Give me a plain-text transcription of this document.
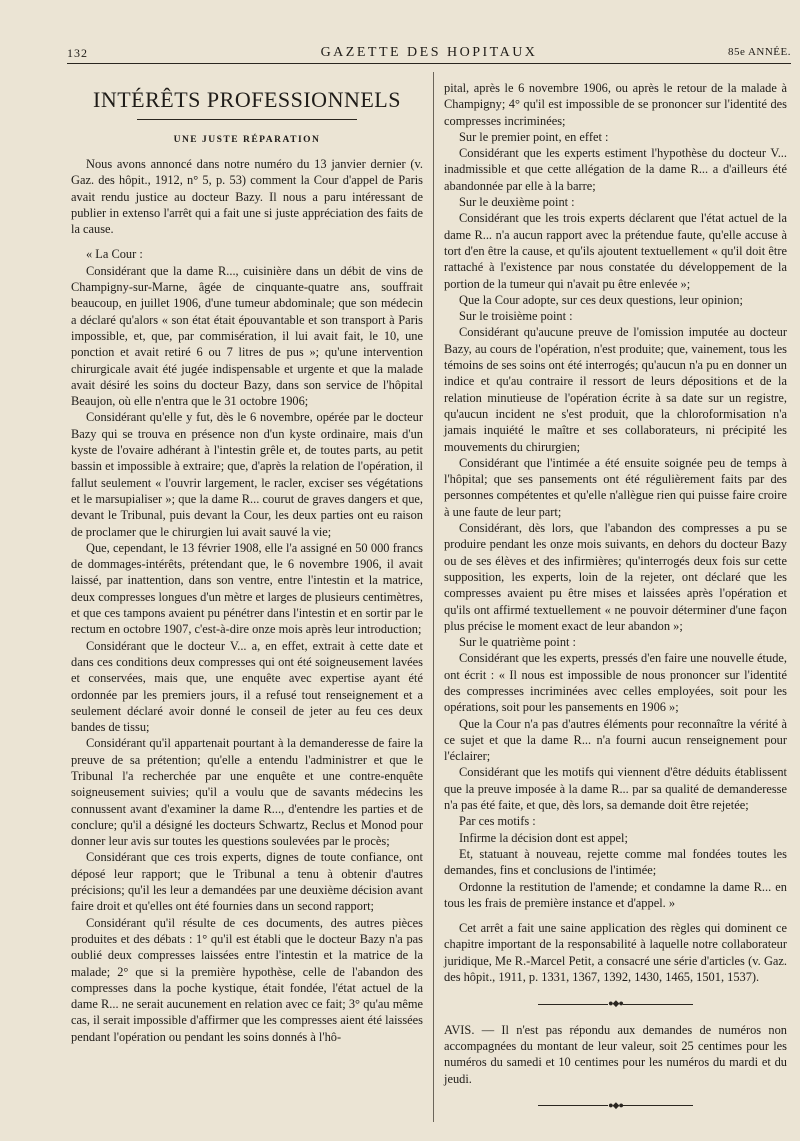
132	GAZETTE DES HOPITAUX	85e ANNÉE.
INTÉRÊTS PROFESSIONNELS
UNE JUSTE RÉPARATION

Nous avons annoncé dans notre numéro du 13 janvier dernier (v. Gaz. des hôpit., 1912, n° 5, p. 53) comment la Cour d'appel de Paris avait rendu justice au docteur Bazy. Il nous a paru intéressant de publier in extenso l'arrêt qui a fait une si juste appréciation des faits de la cause.

« La Cour :

Considérant que la dame R..., cuisinière dans un débit de vins de Champigny-sur-Marne, âgée de cinquante-quatre ans, souffrait beaucoup, en juillet 1906, d'une tumeur abdominale; que son médecin a déclaré qu'alors « son état était épouvantable et son transport à Paris impossible, et, que, par commisération, il lui avait fait, le 10, une ponction et avait retiré 6 ou 7 litres de pus »; qu'une intervention chirurgicale avait été jugée indispensable et urgente et que la malade avait désiré les soins du docteur Bazy, dans son service de l'hôpital Beaujon, où elle n'entra que le 31 octobre 1906;

Considérant qu'elle y fut, dès le 6 novembre, opérée par le docteur Bazy qui se trouva en présence non d'un kyste ordinaire, mais d'un kyste de l'ovaire adhérant à l'intestin grêle et, de toutes parts, au petit bassin et impossible à extraire; que, d'après la relation de l'opération, il fallut seulement « l'ouvrir largement, le racler, exciser ses végétations et le marsupialiser »; que la dame R... courut de graves dangers et que, devant le Tribunal, puis devant la Cour, les deux parties ont eu raison de proclamer que le chirurgien lui avait sauvé la vie;

Que, cependant, le 13 février 1908, elle l'a assigné en 50 000 francs de dommages-intérêts, prétendant que, le 6 novembre 1906, il avait laissé, par inattention, dans son ventre, entre l'intestin et la matrice, deux compresses longues d'un mètre et larges de plusieurs centimètres, et que ces tampons avaient pu pénétrer dans l'intestin et en sortir par le rectum en octobre 1907, c'est-à-dire onze mois après leur introduction;

Considérant que le docteur V... a, en effet, extrait à cette date et dans ces conditions deux compresses qui ont été soigneusement lavées et conservées, mais que, une enquête avec expertise ayant été ordonnée par les premiers jours, il a refusé tout renseignement et a seulement déclaré avoir donné le conseil de jeter au feu ces deux bandes de tissu;

Considérant qu'il appartenait pourtant à la demanderesse de faire la preuve de sa prétention; qu'elle a entendu l'administrer et que le Tribunal l'a recherchée par une enquête et une contre-enquête soigneusement suivies; qu'il a voulu que de savants médecins les connussent avant d'examiner la dame R..., d'entendre les parties et de conclure; qu'il a désigné les docteurs Schwartz, Reclus et Monod pour donner leur avis sur toutes les questions soulevées par le procès;

Considérant que ces trois experts, dignes de toute confiance, ont déposé leur rapport; que le Tribunal a tenu à obtenir d'autres précisions; qu'il les leur a demandées par une deuxième décision avant faire droit et qu'elles ont été fournies dans un second rapport;

Considérant qu'il résulte de ces documents, des autres pièces produites et des débats : 1° qu'il est établi que le docteur Bazy n'a pas oublié deux compresses laissées entre l'intestin et la matrice de la malade; 2° que si la première hypothèse, celle de l'abandon des compresses dans la poche kystique, était fondée, l'état actuel de la dame R... ne serait aucunement en relation avec ce fait; 3° qu'au même cas, il serait impossible d'affirmer que les compresses aient été laissées pendant l'opération ou pendant les soins donnés à l'hô-

pital, après le 6 novembre 1906, ou après le retour de la malade à Champigny; 4° qu'il est impossible de se prononcer sur l'identité des compresses incriminées;

Sur le premier point, en effet :

Considérant que les experts estiment l'hypothèse du docteur V... inadmissible et que cette allégation de la dame R... a d'ailleurs été abandonnée par elle à la barre;

Sur le deuxième point :

Considérant que les trois experts déclarent que l'état actuel de la dame R... n'a aucun rapport avec la prétendue faute, qu'elle accuse à tort d'en être la cause, et qu'ils ajoutent textuellement « qu'il doit être rattaché à l'existence par nous constatée du développement de la portion de la tumeur qui n'avait pu être enlevée »;

Que la Cour adopte, sur ces deux questions, leur opinion;

Sur le troisième point :

Considérant qu'aucune preuve de l'omission imputée au docteur Bazy, au cours de l'opération, n'est produite; que, vainement, tous les témoins de ses soins ont été interrogés; qu'aucun n'a pu en donner un indice et qu'au contraire il ressort de leurs dépositions et de la relation minutieuse de l'opération écrite à sa date sur un registre, qu'aucun incident ne s'est produit, que la chloroformisation n'a jamais inquiété le maître et ses collaborateurs, ni précipité les mouvements du chirurgien;

Considérant que l'intimée a été ensuite soignée peu de temps à l'hôpital; que ses pansements ont été régulièrement faits par des personnes compétentes et qu'elle n'allègue rien qui puisse faire croire à une faute de leur part;

Considérant, dès lors, que l'abandon des compresses a pu se produire pendant les onze mois suivants, en dehors du docteur Bazy ou de ses élèves et des infirmières; qu'interrogés deux fois sur cette supposition, les experts, loin de la rejeter, ont déclaré que les compresses avaient pu être mises et laissées après l'opération et qu'ils ont affirmé textuellement « ne pouvoir déterminer d'une façon plus précise le moment exact de leur abandon »;

Sur le quatrième point :

Considérant que les experts, pressés d'en faire une nouvelle étude, ont écrit : « Il nous est impossible de nous prononcer sur l'identité des compresses incriminées avec celles employées, soit pour les opérations, soit pour les pansements en 1906 »;

Que la Cour n'a pas d'autres éléments pour reconnaître la vérité à ce sujet et que la dame R... n'a fourni aucun renseignement pour l'éclairer;

Considérant que les motifs qui viennent d'être déduits établissent que la preuve imposée à la dame R... par sa qualité de demanderesse n'a pas été faite, et que, dès lors, sa demande doit être rejetée;

Par ces motifs :

Infirme la décision dont est appel;

Et, statuant à nouveau, rejette comme mal fondées toutes les demandes, fins et conclusions de l'intimée;

Ordonne la restitution de l'amende; et condamne la dame R... en tous les frais de première instance et d'appel. »

Cet arrêt a fait une saine application des règles qui dominent ce chapitre important de la responsabilité à laquelle notre collaborateur juridique, Me R.-Marcel Petit, a consacré une série d'articles (v. Gaz. des hôpit., 1911, p. 1331, 1367, 1392, 1430, 1465, 1501, 1537).

●◆●

AVIS. — Il n'est pas répondu aux demandes de numéros non accompagnées du montant de leur valeur, soit 25 centimes pour les numéros du samedi et 10 centimes pour les numéros du mardi et du jeudi.

●◆●
